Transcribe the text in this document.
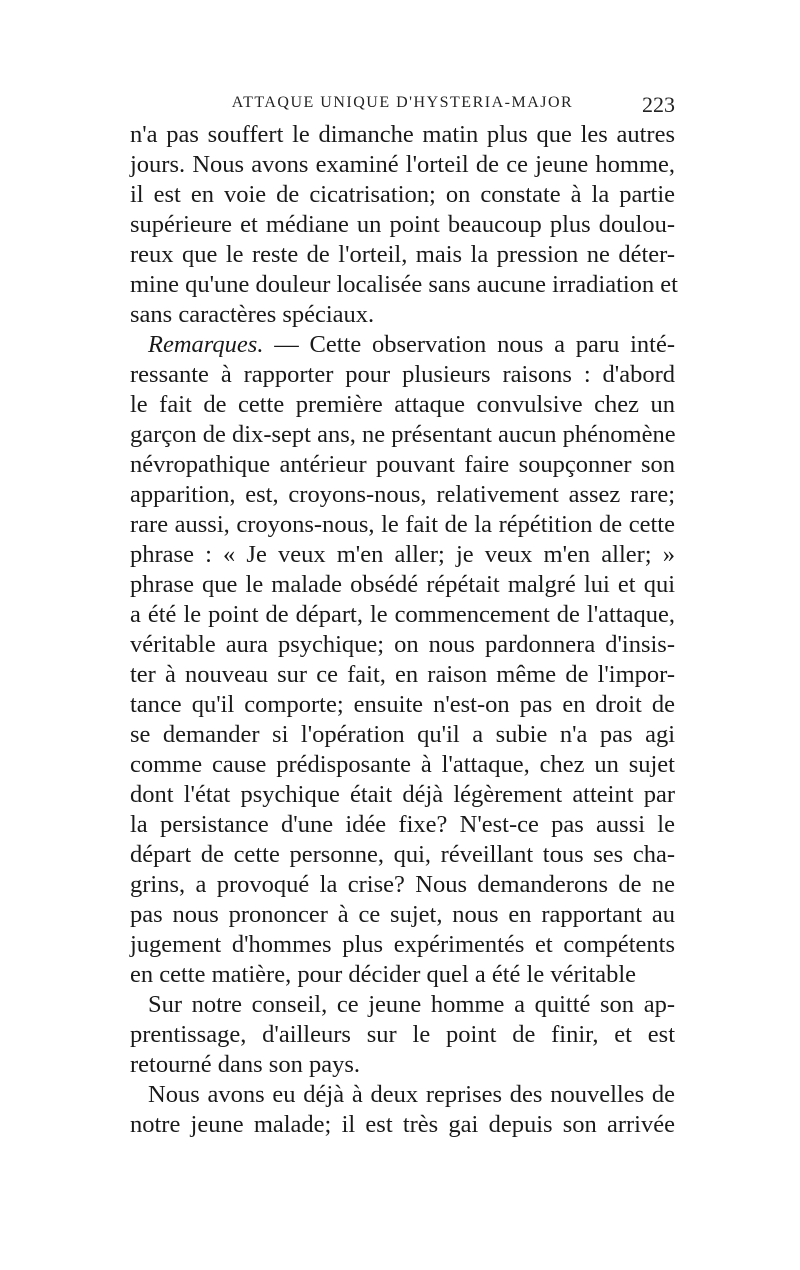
ATTAQUE UNIQUE D'HYSTERIA-MAJOR	223
n'a pas souffert le dimanche matin plus que les autres
jours. Nous avons examiné l'orteil de ce jeune homme,
il est en voie de cicatrisation; on constate à la partie
supérieure et médiane un point beaucoup plus doulou-
reux que le reste de l'orteil, mais la pression ne déter-
mine qu'une douleur localisée sans aucune irradiation et
sans caractères spéciaux.
Remarques. — Cette observation nous a paru inté-
ressante à rapporter pour plusieurs raisons : d'abord
le fait de cette première attaque convulsive chez un
garçon de dix-sept ans, ne présentant aucun phénomène
névropathique antérieur pouvant faire soupçonner son
apparition, est, croyons-nous, relativement assez rare;
rare aussi, croyons-nous, le fait de la répétition de cette
phrase : « Je veux m'en aller; je veux m'en aller; »
phrase que le malade obsédé répétait malgré lui et qui
a été le point de départ, le commencement de l'attaque,
véritable aura psychique; on nous pardonnera d'insis-
ter à nouveau sur ce fait, en raison même de l'impor-
tance qu'il comporte; ensuite n'est-on pas en droit de
se demander si l'opération qu'il a subie n'a pas agi
comme cause prédisposante à l'attaque, chez un sujet
dont l'état psychique était déjà légèrement atteint par
la persistance d'une idée fixe? N'est-ce pas aussi le
départ de cette personne, qui, réveillant tous ses cha-
grins, a provoqué la crise? Nous demanderons de ne
pas nous prononcer à ce sujet, nous en rapportant au
jugement d'hommes plus expérimentés et compétents
en cette matière, pour décider quel a été le véritable
Sur notre conseil, ce jeune homme a quitté son ap-
prentissage, d'ailleurs sur le point de finir, et est
retourné dans son pays.
Nous avons eu déjà à deux reprises des nouvelles de
notre jeune malade; il est très gai depuis son arrivée
